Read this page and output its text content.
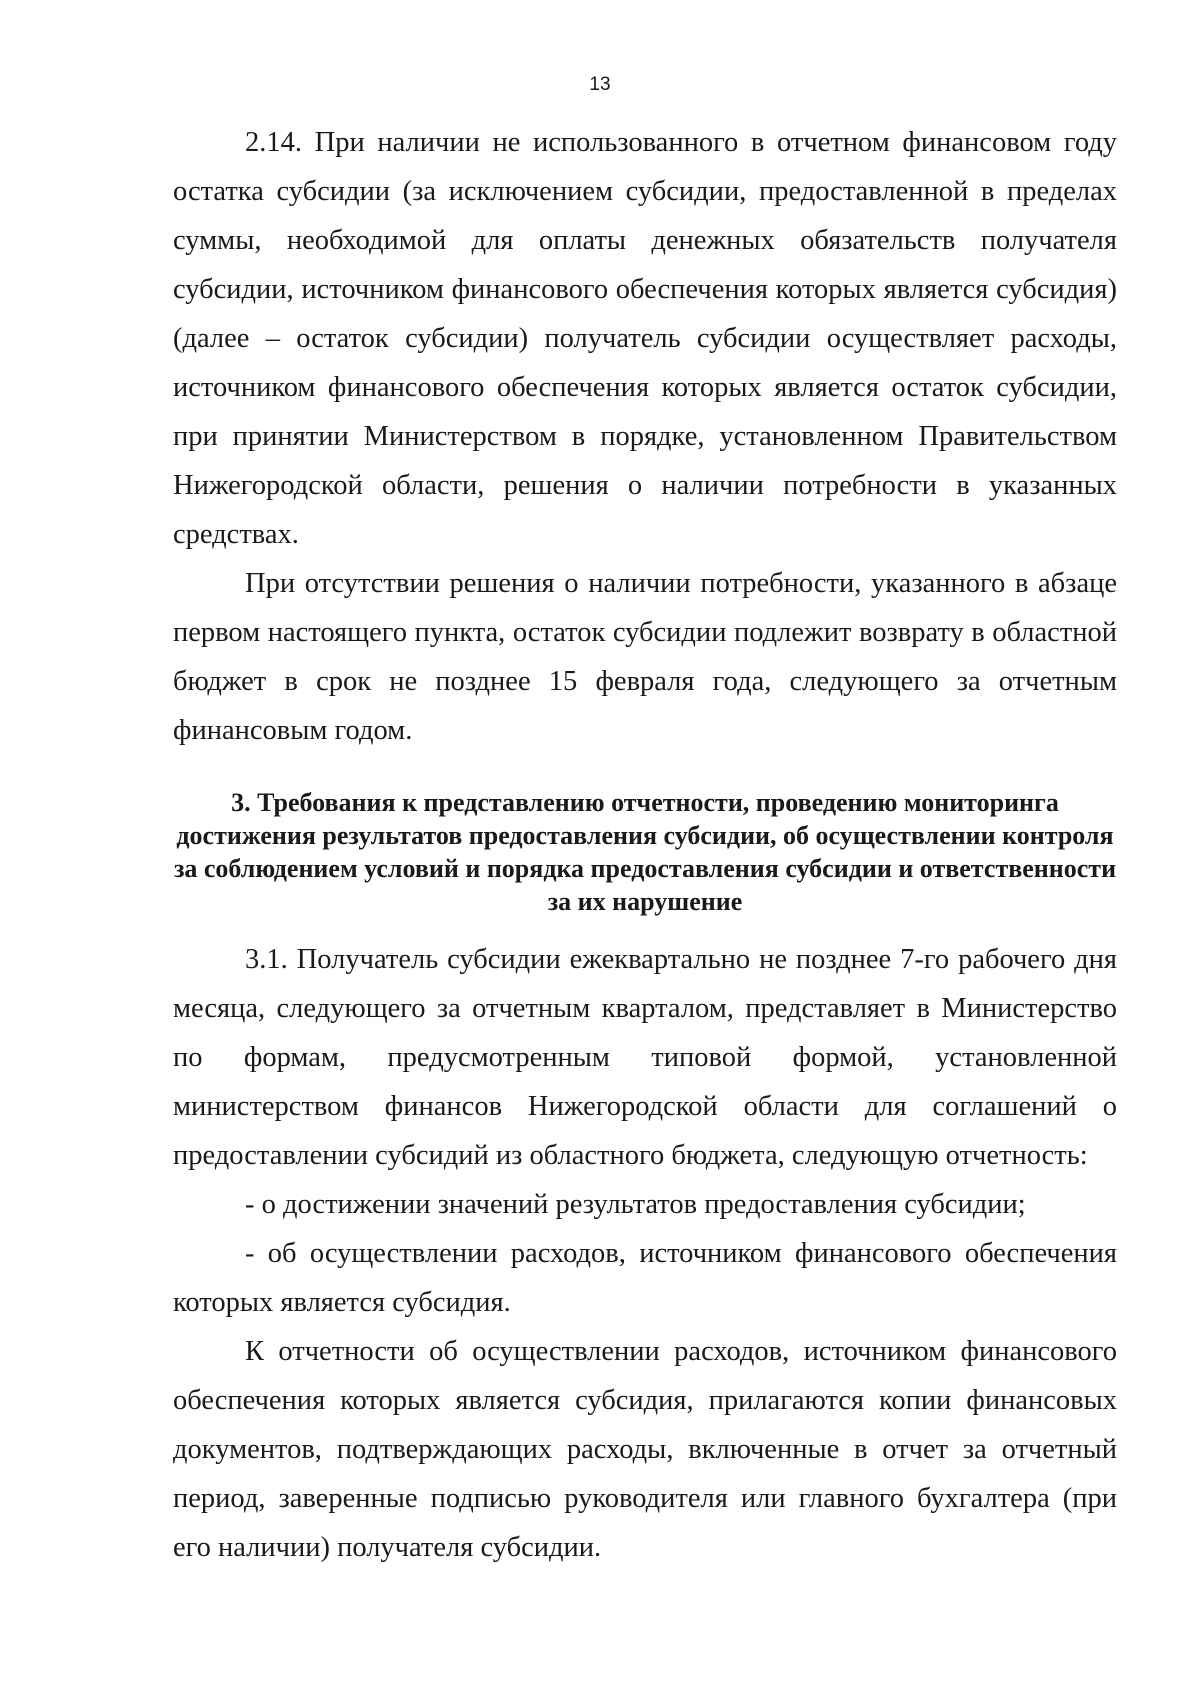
13

2.14. При наличии не использованного в отчетном финансовом году остатка субсидии (за исключением субсидии, предоставленной в пределах суммы, необходимой для оплаты денежных обязательств получателя субсидии, источником финансового обеспечения которых является субсидия) (далее – остаток субсидии) получатель субсидии осуществляет расходы, источником финансового обеспечения которых является остаток субсидии, при принятии Министерством в порядке, установленном Правительством Нижегородской области, решения о наличии потребности в указанных средствах.

При отсутствии решения о наличии потребности, указанного в абзаце первом настоящего пункта, остаток субсидии подлежит возврату в областной бюджет в срок не позднее 15 февраля года, следующего за отчетным финансовым годом.

3. Требования к представлению отчетности, проведению мониторинга достижения результатов предоставления субсидии, об осуществлении контроля за соблюдением условий и порядка предоставления субсидии и ответственности за их нарушение

3.1. Получатель субсидии ежеквартально не позднее 7-го рабочего дня месяца, следующего за отчетным кварталом, представляет в Министерство по формам, предусмотренным типовой формой, установленной министерством финансов Нижегородской области для соглашений о предоставлении субсидий из областного бюджета, следующую отчетность:

- о достижении значений результатов предоставления субсидии;

- об осуществлении расходов, источником финансового обеспечения которых является субсидия.

К отчетности об осуществлении расходов, источником финансового обеспечения которых является субсидия, прилагаются копии финансовых документов, подтверждающих расходы, включенные в отчет за отчетный период, заверенные подписью руководителя или главного бухгалтера (при его наличии) получателя субсидии.
